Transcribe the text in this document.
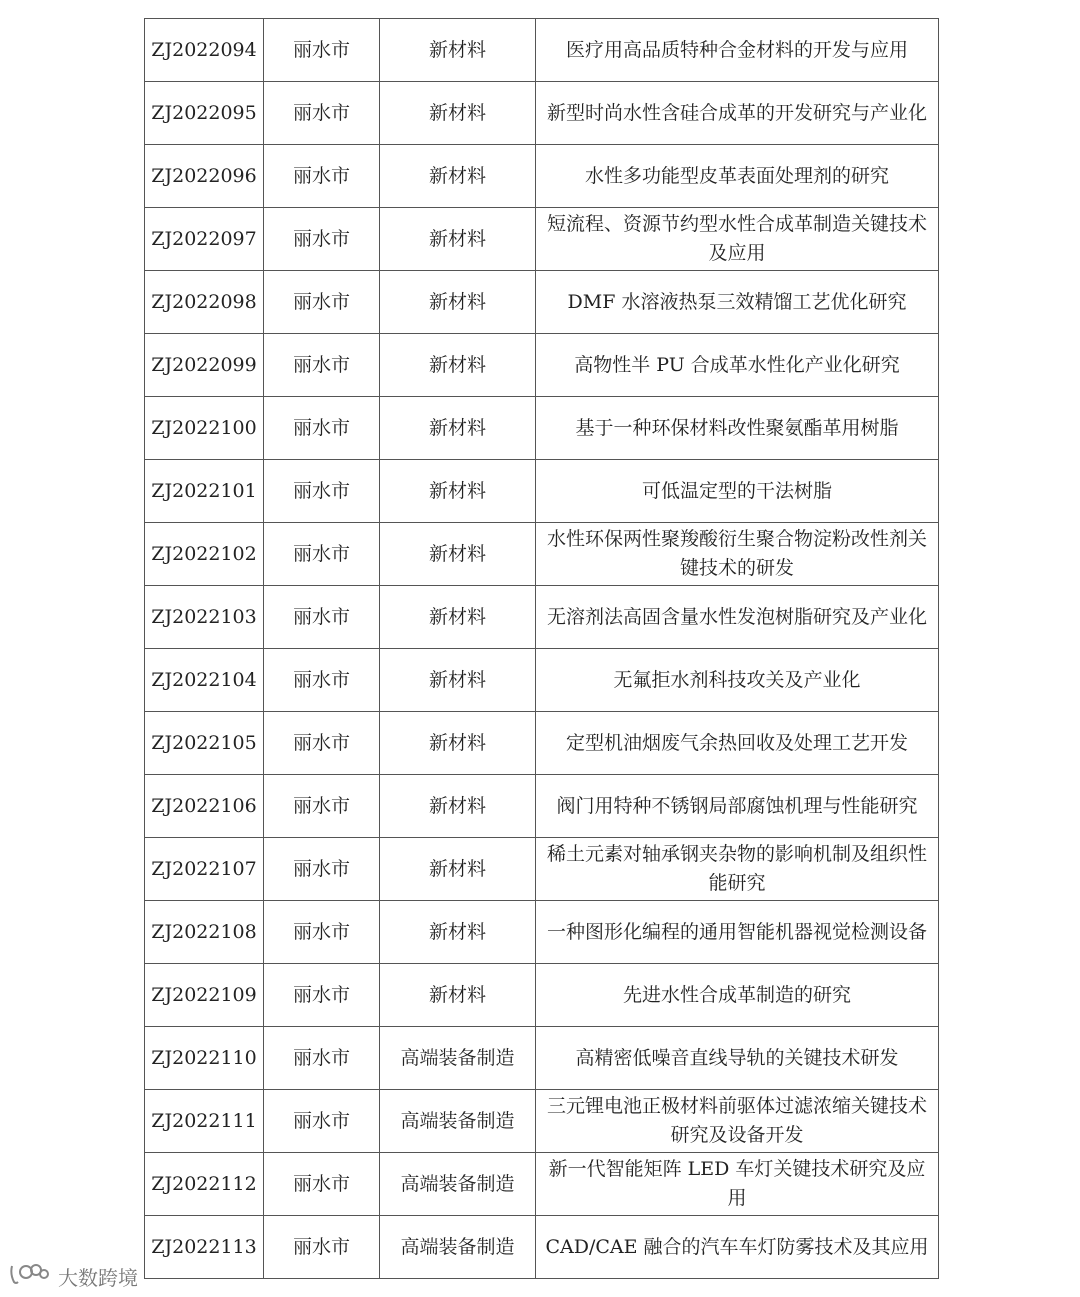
ZJ2022094	丽水市	新材料	医疗用高品质特种合金材料的开发与应用
ZJ2022095	丽水市	新材料	新型时尚水性含硅合成革的开发研究与产业化
ZJ2022096	丽水市	新材料	水性多功能型皮革表面处理剂的研究
ZJ2022097	丽水市	新材料	短流程、资源节约型水性合成革制造关键技术及应用
ZJ2022098	丽水市	新材料	DMF 水溶液热泵三效精馏工艺优化研究
ZJ2022099	丽水市	新材料	高物性半 PU 合成革水性化产业化研究
ZJ2022100	丽水市	新材料	基于一种环保材料改性聚氨酯革用树脂
ZJ2022101	丽水市	新材料	可低温定型的干法树脂
ZJ2022102	丽水市	新材料	水性环保两性聚羧酸衍生聚合物淀粉改性剂关键技术的研发
ZJ2022103	丽水市	新材料	无溶剂法高固含量水性发泡树脂研究及产业化
ZJ2022104	丽水市	新材料	无氟拒水剂科技攻关及产业化
ZJ2022105	丽水市	新材料	定型机油烟废气余热回收及处理工艺开发
ZJ2022106	丽水市	新材料	阀门用特种不锈钢局部腐蚀机理与性能研究
ZJ2022107	丽水市	新材料	稀土元素对轴承钢夹杂物的影响机制及组织性能研究
ZJ2022108	丽水市	新材料	一种图形化编程的通用智能机器视觉检测设备
ZJ2022109	丽水市	新材料	先进水性合成革制造的研究
ZJ2022110	丽水市	高端装备制造	高精密低噪音直线导轨的关键技术研发
ZJ2022111	丽水市	高端装备制造	三元锂电池正极材料前驱体过滤浓缩关键技术研究及设备开发
ZJ2022112	丽水市	高端装备制造	新一代智能矩阵 LED 车灯关键技术研究及应用
ZJ2022113	丽水市	高端装备制造	CAD/CAE 融合的汽车车灯防雾技术及其应用
大数跨境
